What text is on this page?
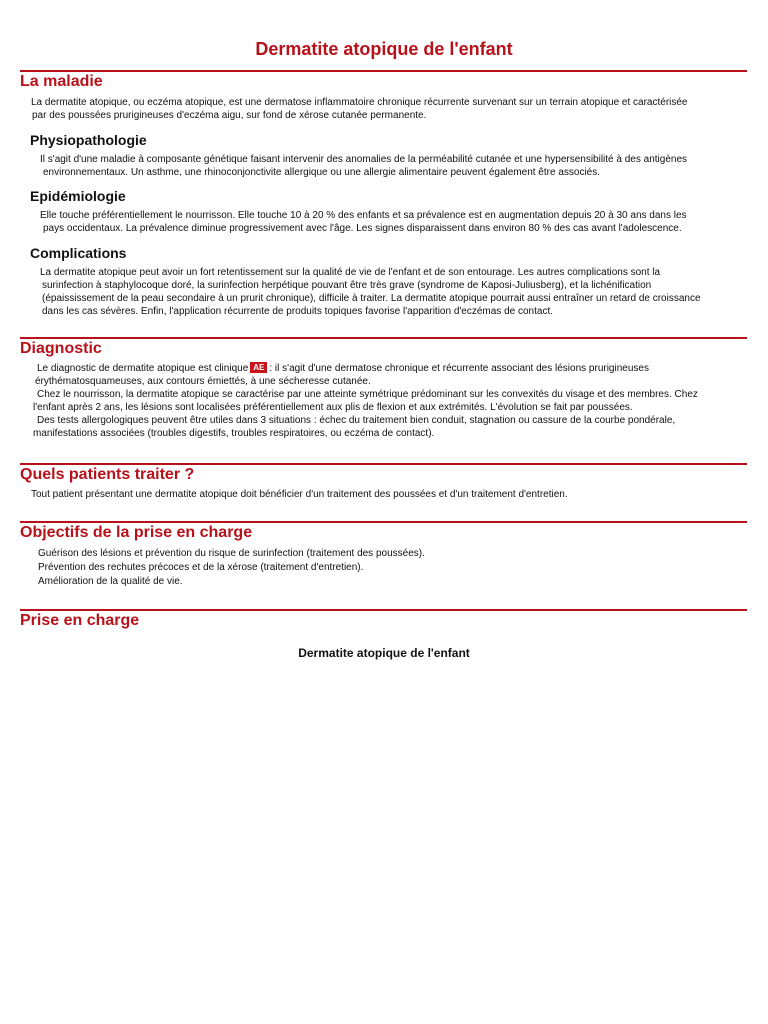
Dermatite atopique de l'enfant
La maladie
La dermatite atopique, ou eczéma atopique, est une dermatose inflammatoire chronique récurrente survenant sur un terrain atopique et caractérisée
par des poussées prurigineuses d'eczéma aigu, sur fond de xérose cutanée permanente.
Physiopathologie
Il s'agit d'une maladie à composante génétique faisant intervenir des anomalies de la perméabilité cutanée et une hypersensibilité à des antigènes
environnementaux. Un asthme, une rhinoconjonctivite allergique ou une allergie alimentaire peuvent également être associés.
Epidémiologie
Elle touche préférentiellement le nourrisson. Elle touche 10 à 20 % des enfants et sa prévalence est en augmentation depuis 20 à 30 ans dans les
pays occidentaux. La prévalence diminue progressivement avec l'âge. Les signes disparaissent dans environ 80 % des cas avant l'adolescence.
Complications
La dermatite atopique peut avoir un fort retentissement sur la qualité de vie de l'enfant et de son entourage. Les autres complications sont la
surinfection à staphylocoque doré, la surinfection herpétique pouvant être très grave (syndrome de Kaposi-Juliusberg), et la lichénification
(épaississement de la peau secondaire à un prurit chronique), difficile à traiter. La dermatite atopique pourrait aussi entraîner un retard de croissance
dans les cas sévères. Enfin, l'application récurrente de produits topiques favorise l'apparition d'eczémas de contact.
Diagnostic
Le diagnostic de dermatite atopique est clinique AE : il s'agit d'une dermatose chronique et récurrente associant des lésions prurigineuses
érythématosquameuses, aux contours émiettés, à une sécheresse cutanée.
Chez le nourrisson, la dermatite atopique se caractérise par une atteinte symétrique prédominant sur les convexités du visage et des membres. Chez
l'enfant après 2 ans, les lésions sont localisées préférentiellement aux plis de flexion et aux extrémités. L'évolution se fait par poussées.
Des tests allergologiques peuvent être utiles dans 3 situations : échec du traitement bien conduit, stagnation ou cassure de la courbe pondérale,
manifestations associées (troubles digestifs, troubles respiratoires, ou eczéma de contact).
Quels patients traiter ?
Tout patient présentant une dermatite atopique doit bénéficier d'un traitement des poussées et d'un traitement d'entretien.
Objectifs de la prise en charge
Guérison des lésions et prévention du risque de surinfection (traitement des poussées).
Prévention des rechutes précoces et de la xérose (traitement d'entretien).
Amélioration de la qualité de vie.
Prise en charge
Dermatite atopique de l'enfant
